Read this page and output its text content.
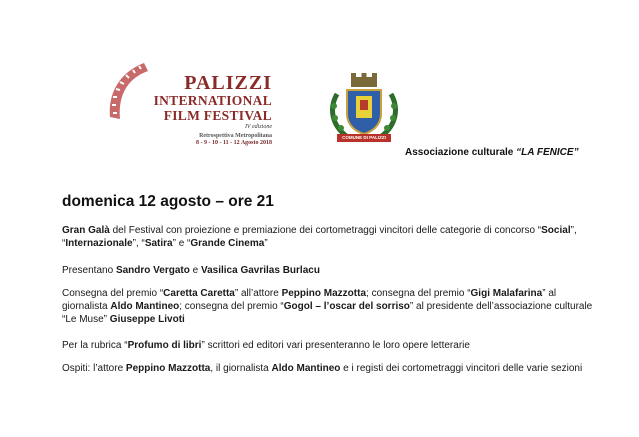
PALIZZI
INTERNATIONAL
FILM FESTIVAL
IV edizione
Retrospettiva Metropolitana
8 - 9 - 10 - 11 - 12 Agosto 2018
COMUNE DI PALIZZI
Associazione culturale “LA FENICE”
domenica 12 agosto – ore 21
Gran Galà del Festival con proiezione e premiazione dei cortometraggi vincitori delle categorie di concorso “Social”,
“Internazionale”, “Satira” e “Grande Cinema”
Presentano Sandro Vergato e Vasilica Gavrilas Burlacu
Consegna del premio “Caretta Caretta” all’attore Peppino Mazzotta; consegna del premio “Gigi Malafarina” al
giornalista Aldo Mantineo; consegna del premio “Gogol – l’oscar del sorriso” al presidente dell’associazione culturale
“Le Muse” Giuseppe Livoti
Per la rubrica “Profumo di libri” scrittori ed editori vari presenteranno le loro opere letterarie
Ospiti: l’attore Peppino Mazzotta, il giornalista Aldo Mantineo e i registi dei cortometraggi vincitori delle varie sezioni
